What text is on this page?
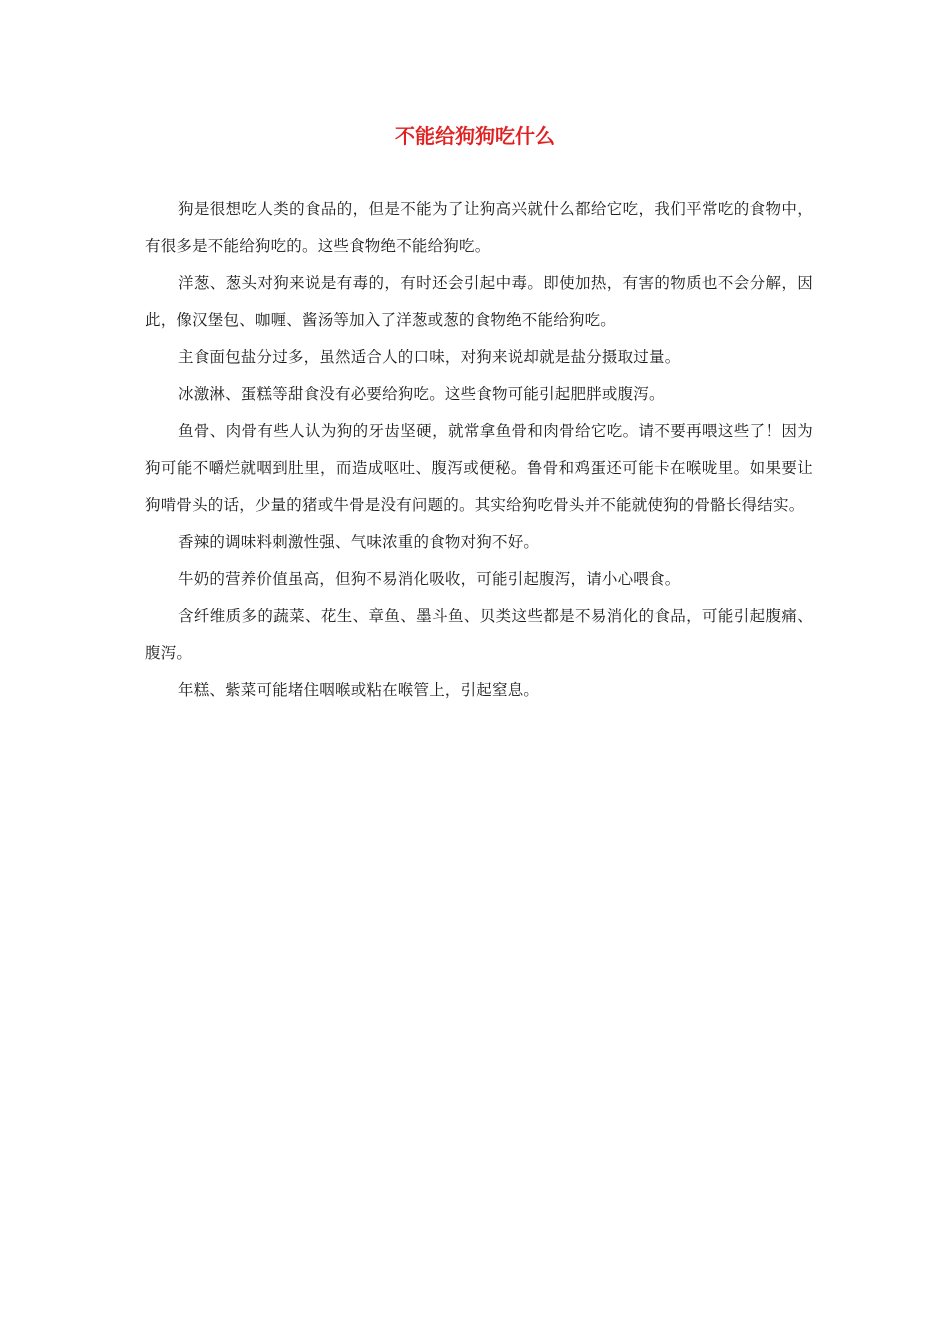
不能给狗狗吃什么

狗是很想吃人类的食品的，但是不能为了让狗高兴就什么都给它吃，我们平常吃的食物中，有很多是不能给狗吃的。这些食物绝不能给狗吃。

洋葱、葱头对狗来说是有毒的，有时还会引起中毒。即使加热，有害的物质也不会分解，因此，像汉堡包、咖喱、酱汤等加入了洋葱或葱的食物绝不能给狗吃。

主食面包盐分过多，虽然适合人的口味，对狗来说却就是盐分摄取过量。

冰激淋、蛋糕等甜食没有必要给狗吃。这些食物可能引起肥胖或腹泻。

鱼骨、肉骨有些人认为狗的牙齿坚硬，就常拿鱼骨和肉骨给它吃。请不要再喂这些了！因为狗可能不嚼烂就咽到肚里，而造成呕吐、腹泻或便秘。鲁骨和鸡蛋还可能卡在喉咙里。如果要让狗啃骨头的话，少量的猪或牛骨是没有问题的。其实给狗吃骨头并不能就使狗的骨骼长得结实。

香辣的调味料刺激性强、气味浓重的食物对狗不好。

牛奶的营养价值虽高，但狗不易消化吸收，可能引起腹泻，请小心喂食。

含纤维质多的蔬菜、花生、章鱼、墨斗鱼、贝类这些都是不易消化的食品，可能引起腹痛、腹泻。

年糕、紫菜可能堵住咽喉或粘在喉管上，引起窒息。
